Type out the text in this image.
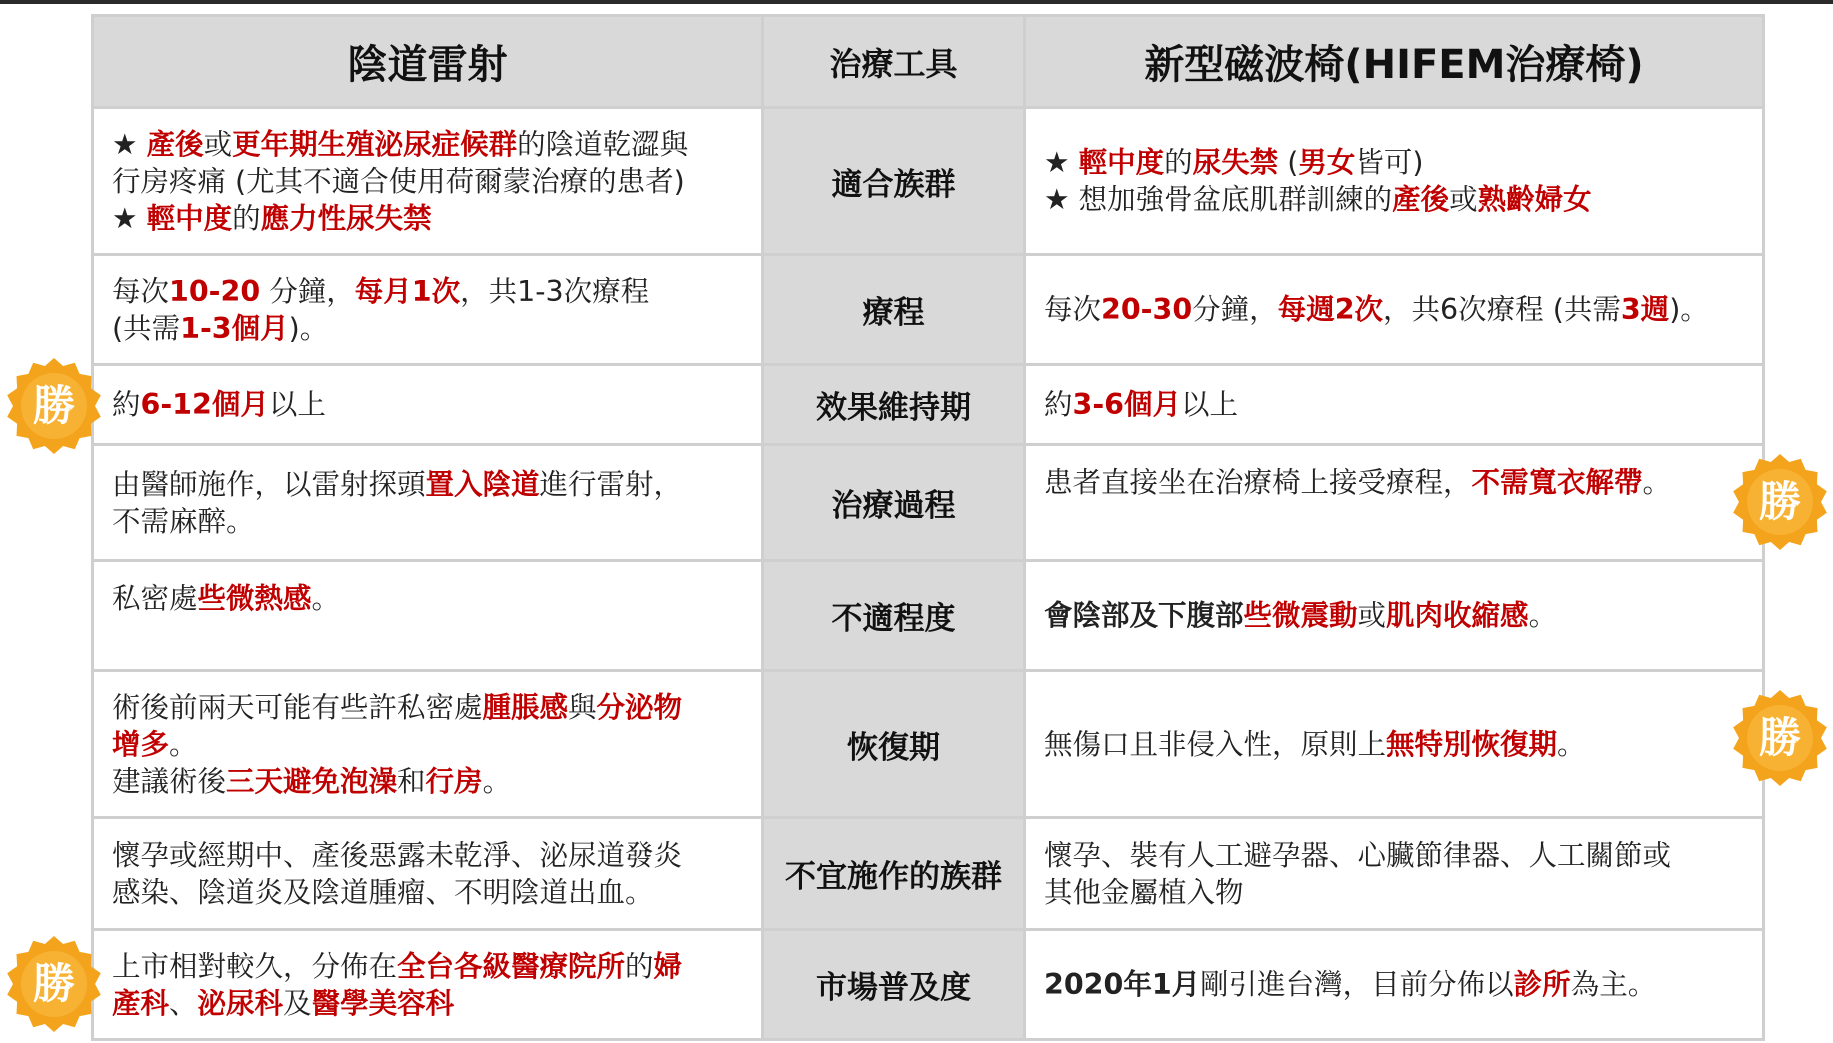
陰道雷射	治療工具	新型磁波椅(HIFEM治療椅)

★ 產後或更年期生殖泌尿症候群的陰道乾澀與
行房疼痛 (尤其不適合使用荷爾蒙治療的患者)
★ 輕中度的應力性尿失禁	適合族群	★ 輕中度的尿失禁 (男女皆可)
★ 想加強骨盆底肌群訓練的產後或熟齡婦女

每次10-20 分鐘，每月1次，共1-3次療程
(共需1-3個月)。	療程	每次20-30分鐘，每週2次，共6次療程 (共需3週)。

約6-12個月以上	效果維持期	約3-6個月以上

由醫師施作，以雷射探頭置入陰道進行雷射，
不需麻醉。	治療過程	患者直接坐在治療椅上接受療程，不需寬衣解帶。

私密處些微熱感。	不適程度	會陰部及下腹部些微震動或肌肉收縮感。

術後前兩天可能有些許私密處腫脹感與分泌物
增多。
建議術後三天避免泡澡和行房。	恢復期	無傷口且非侵入性，原則上無特別恢復期。

懷孕或經期中、產後惡露未乾淨、泌尿道發炎
感染、陰道炎及陰道腫瘤、不明陰道出血。	不宜施作的族群	懷孕、裝有人工避孕器、心臟節律器、人工關節或
其他金屬植入物

上市相對較久，分佈在全台各級醫療院所的婦
產科、泌尿科及醫學美容科	市場普及度	2020年1月剛引進台灣，目前分佈以診所為主。
勝
勝
勝
勝
